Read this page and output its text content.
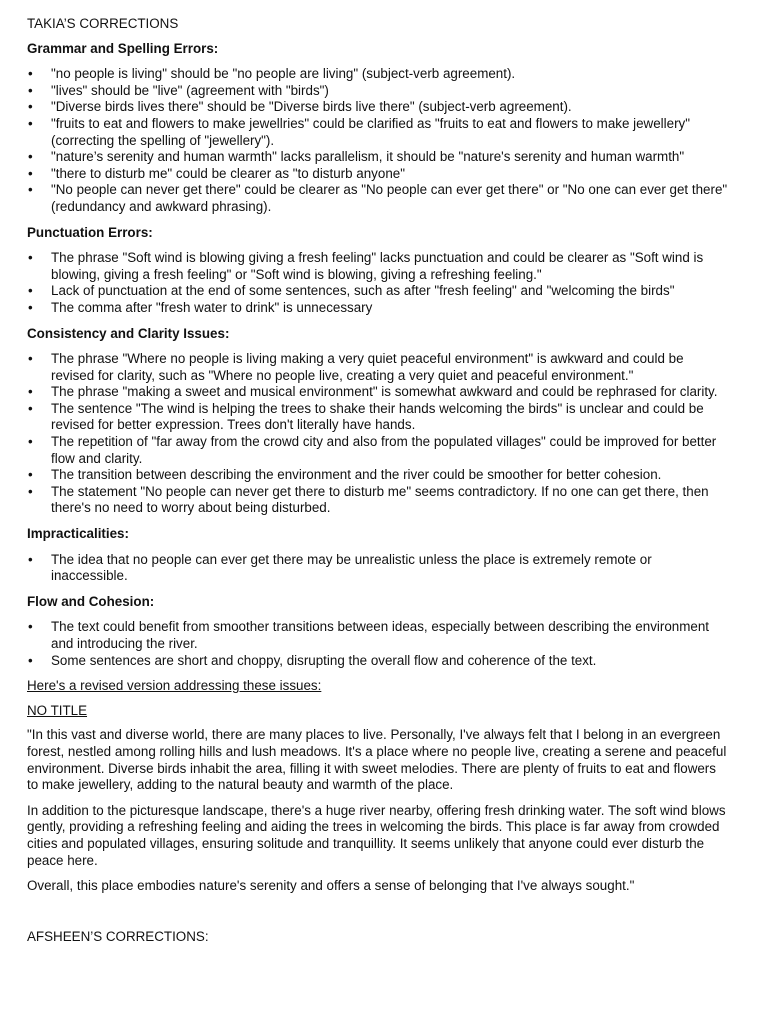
TAKIA’S CORRECTIONS
Grammar and Spelling Errors:
• "no people is living" should be "no people are living" (subject-verb agreement).
• "lives" should be "live" (agreement with "birds")
• "Diverse birds lives there" should be "Diverse birds live there" (subject-verb agreement).
• "fruits to eat and flowers to make jewellries" could be clarified as "fruits to eat and flowers to make jewellery" (correcting the spelling of "jewellery").
• "nature’s serenity and human warmth" lacks parallelism, it should be "nature's serenity and human warmth"
• "there to disturb me" could be clearer as "to disturb anyone"
• "No people can never get there" could be clearer as "No people can ever get there" or "No one can ever get there" (redundancy and awkward phrasing).
Punctuation Errors:
• The phrase "Soft wind is blowing giving a fresh feeling" lacks punctuation and could be clearer as "Soft wind is blowing, giving a fresh feeling" or "Soft wind is blowing, giving a refreshing feeling."
• Lack of punctuation at the end of some sentences, such as after "fresh feeling" and "welcoming the birds"
• The comma after "fresh water to drink" is unnecessary
Consistency and Clarity Issues:
• The phrase "Where no people is living making a very quiet peaceful environment" is awkward and could be revised for clarity, such as "Where no people live, creating a very quiet and peaceful environment."
• The phrase "making a sweet and musical environment" is somewhat awkward and could be rephrased for clarity.
• The sentence "The wind is helping the trees to shake their hands welcoming the birds" is unclear and could be revised for better expression. Trees don't literally have hands.
• The repetition of "far away from the crowd city and also from the populated villages" could be improved for better flow and clarity.
• The transition between describing the environment and the river could be smoother for better cohesion.
• The statement "No people can never get there to disturb me" seems contradictory. If no one can get there, then there's no need to worry about being disturbed.
Impracticalities:
• The idea that no people can ever get there may be unrealistic unless the place is extremely remote or inaccessible.
Flow and Cohesion:
• The text could benefit from smoother transitions between ideas, especially between describing the environment and introducing the river.
• Some sentences are short and choppy, disrupting the overall flow and coherence of the text.
Here's a revised version addressing these issues:
NO TITLE
"In this vast and diverse world, there are many places to live. Personally, I've always felt that I belong in an evergreen forest, nestled among rolling hills and lush meadows. It's a place where no people live, creating a serene and peaceful environment. Diverse birds inhabit the area, filling it with sweet melodies. There are plenty of fruits to eat and flowers to make jewellery, adding to the natural beauty and warmth of the place.
In addition to the picturesque landscape, there's a huge river nearby, offering fresh drinking water. The soft wind blows gently, providing a refreshing feeling and aiding the trees in welcoming the birds. This place is far away from crowded cities and populated villages, ensuring solitude and tranquillity. It seems unlikely that anyone could ever disturb the peace here.
Overall, this place embodies nature's serenity and offers a sense of belonging that I've always sought."
AFSHEEN’S CORRECTIONS:
